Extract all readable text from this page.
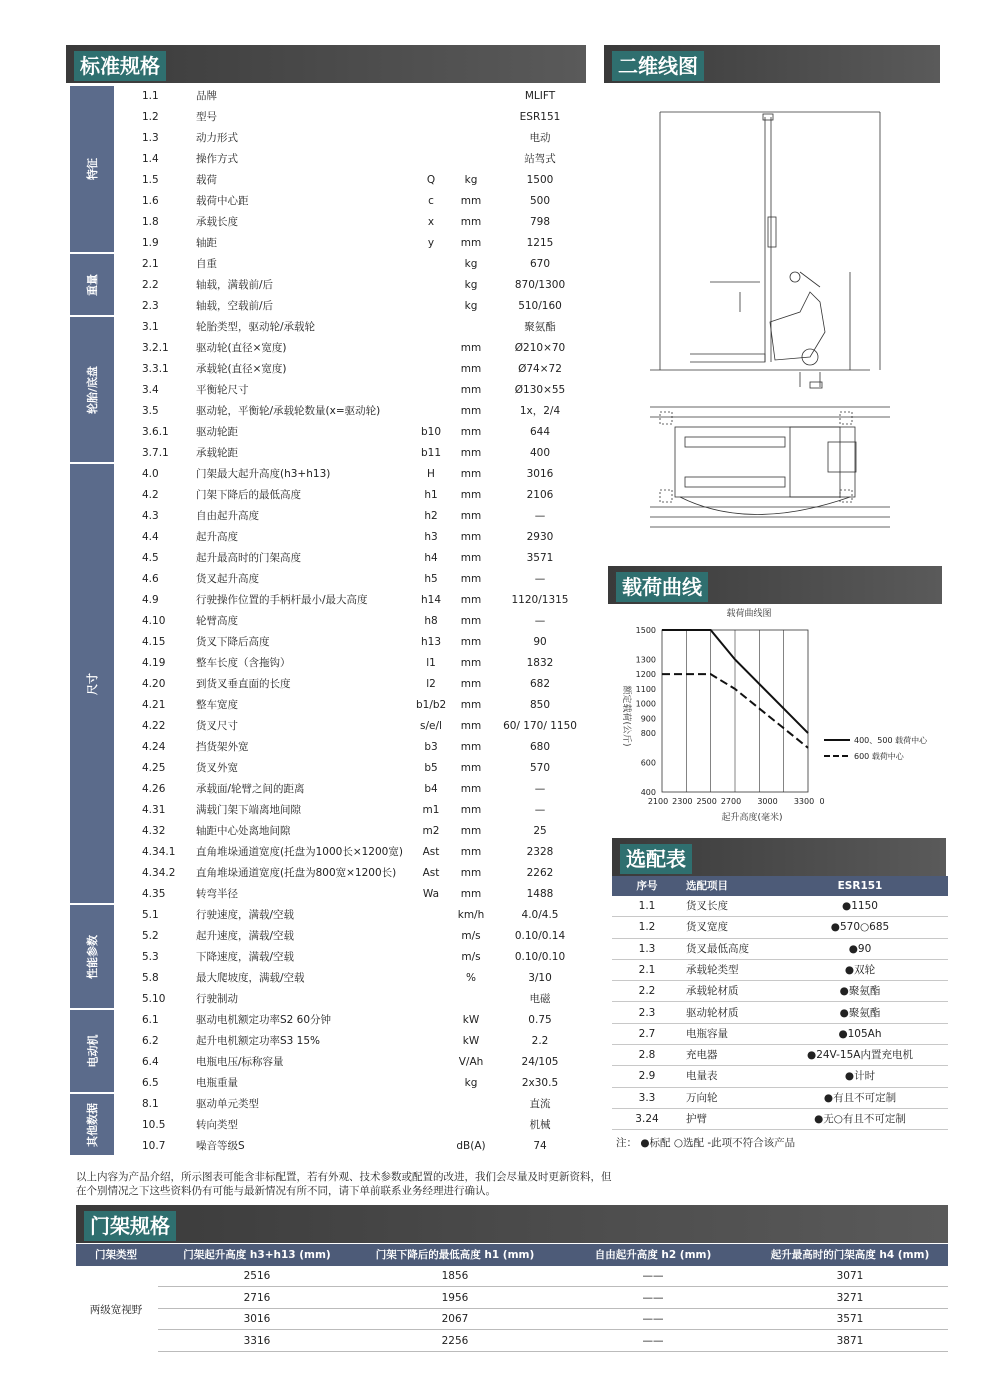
标准规格	二维线图
载荷曲线
选配表
门架规格
特征
重量
轮胎/底盘
尺寸
性能参数
电动机
其他数据
1.1	品牌	MLIFT
1.2	型号	ESR151
1.3	动力形式	电动
1.4	操作方式	站驾式
1.5	载荷	Q	kg	1500
1.6	载荷中心距	c	mm	500
1.8	承载长度	x	mm	798
1.9	轴距	y	mm	1215
2.1	自重	kg	670
2.2	轴载，满载前/后	kg	870/1300
2.3	轴载，空载前/后	kg	510/160
3.1	轮胎类型，驱动轮/承载轮	聚氨酯
3.2.1	驱动轮(直径×宽度)	mm	Ø210×70
3.3.1	承载轮(直径×宽度)	mm	Ø74×72
3.4	平衡轮尺寸	mm	Ø130×55
3.5	驱动轮，平衡轮/承载轮数量(x=驱动轮)	mm	1x，2/4
3.6.1	驱动轮距	b10	mm	644
3.7.1	承载轮距	b11	mm	400
4.0	门架最大起升高度(h3+h13)	H	mm	3016
4.2	门架下降后的最低高度	h1	mm	2106
4.3	自由起升高度	h2	mm	—
4.4	起升高度	h3	mm	2930
4.5	起升最高时的门架高度	h4	mm	3571
4.6	货叉起升高度	h5	mm	—
4.9	行驶操作位置的手柄杆最小/最大高度	h14	mm	1120/1315
4.10	轮臂高度	h8	mm	—
4.15	货叉下降后高度	h13	mm	90
4.19	整车长度（含拖钩）	l1	mm	1832
4.20	到货叉垂直面的长度	l2	mm	682
4.21	整车宽度	b1/b2	mm	850
4.22	货叉尺寸	s/e/l	mm	60/ 170/ 1150
4.24	挡货架外宽	b3	mm	680
4.25	货叉外宽	b5	mm	570
4.26	承载面/轮臂之间的距离	b4	mm	—
4.31	满载门架下端离地间隙	m1	mm	—
4.32	轴距中心处离地间隙	m2	mm	25
4.34.1	直角堆垛通道宽度(托盘为1000长×1200宽)	Ast	mm	2328
4.34.2	直角堆垛通道宽度(托盘为800宽×1200长)	Ast	mm	2262
4.35	转弯半径	Wa	mm	1488
5.1	行驶速度，满载/空载	km/h	4.0/4.5
5.2	起升速度，满载/空载	m/s	0.10/0.14
5.3	下降速度，满载/空载	m/s	0.10/0.10
5.8	最大爬坡度，满载/空载	%	3/10
5.10	行驶制动	电磁
6.1	驱动电机额定功率S2 60分钟	kW	0.75
6.2	起升电机额定功率S3 15%	kW	2.2
6.4	电瓶电压/标称容量	V/Ah	24/105
6.5	电瓶重量	kg	2x30.5
8.1	驱动单元类型	直流
10.5	转向类型	机械
10.7	噪音等级S	dB(A)	74
载荷曲线图
额定载荷(公斤)
起升高度(毫米)
1500
1300
1200
1100
1000
900
800
600
400
2100 2300 2500 2700 3000 3300 0
400、500 载荷中心
600 载荷中心
序号	选配项目	ESR151
1.1	货叉长度	●1150
1.2	货叉宽度	●570○685
1.3	货叉最低高度	●90
2.1	承载轮类型	●双轮
2.2	承载轮材质	●聚氨酯
2.3	驱动轮材质	●聚氨酯
2.7	电瓶容量	●105Ah
2.8	充电器	●24V-15A内置充电机
2.9	电量表	●计时
3.3	万向轮	●有且不可定制
3.24	护臂	●无○有且不可定制
注： ●标配 ○选配 -此项不符合该产品
以上内容为产品介绍，所示图表可能含非标配置，若有外观、技术参数或配置的改进，我们会尽量及时更新资料，但在个别情况之下这些资料仍有可能与最新情况有所不同，请下单前联系业务经理进行确认。
门架类型	门架起升高度 h3+h13 (mm)	门架下降后的最低高度 h1 (mm)	自由起升高度 h2 (mm)	起升最高时的门架高度 h4 (mm)
两级宽视野
2516	1856	——	3071
2716	1956	——	3271
3016	2067	——	3571
3316	2256	——	3871
